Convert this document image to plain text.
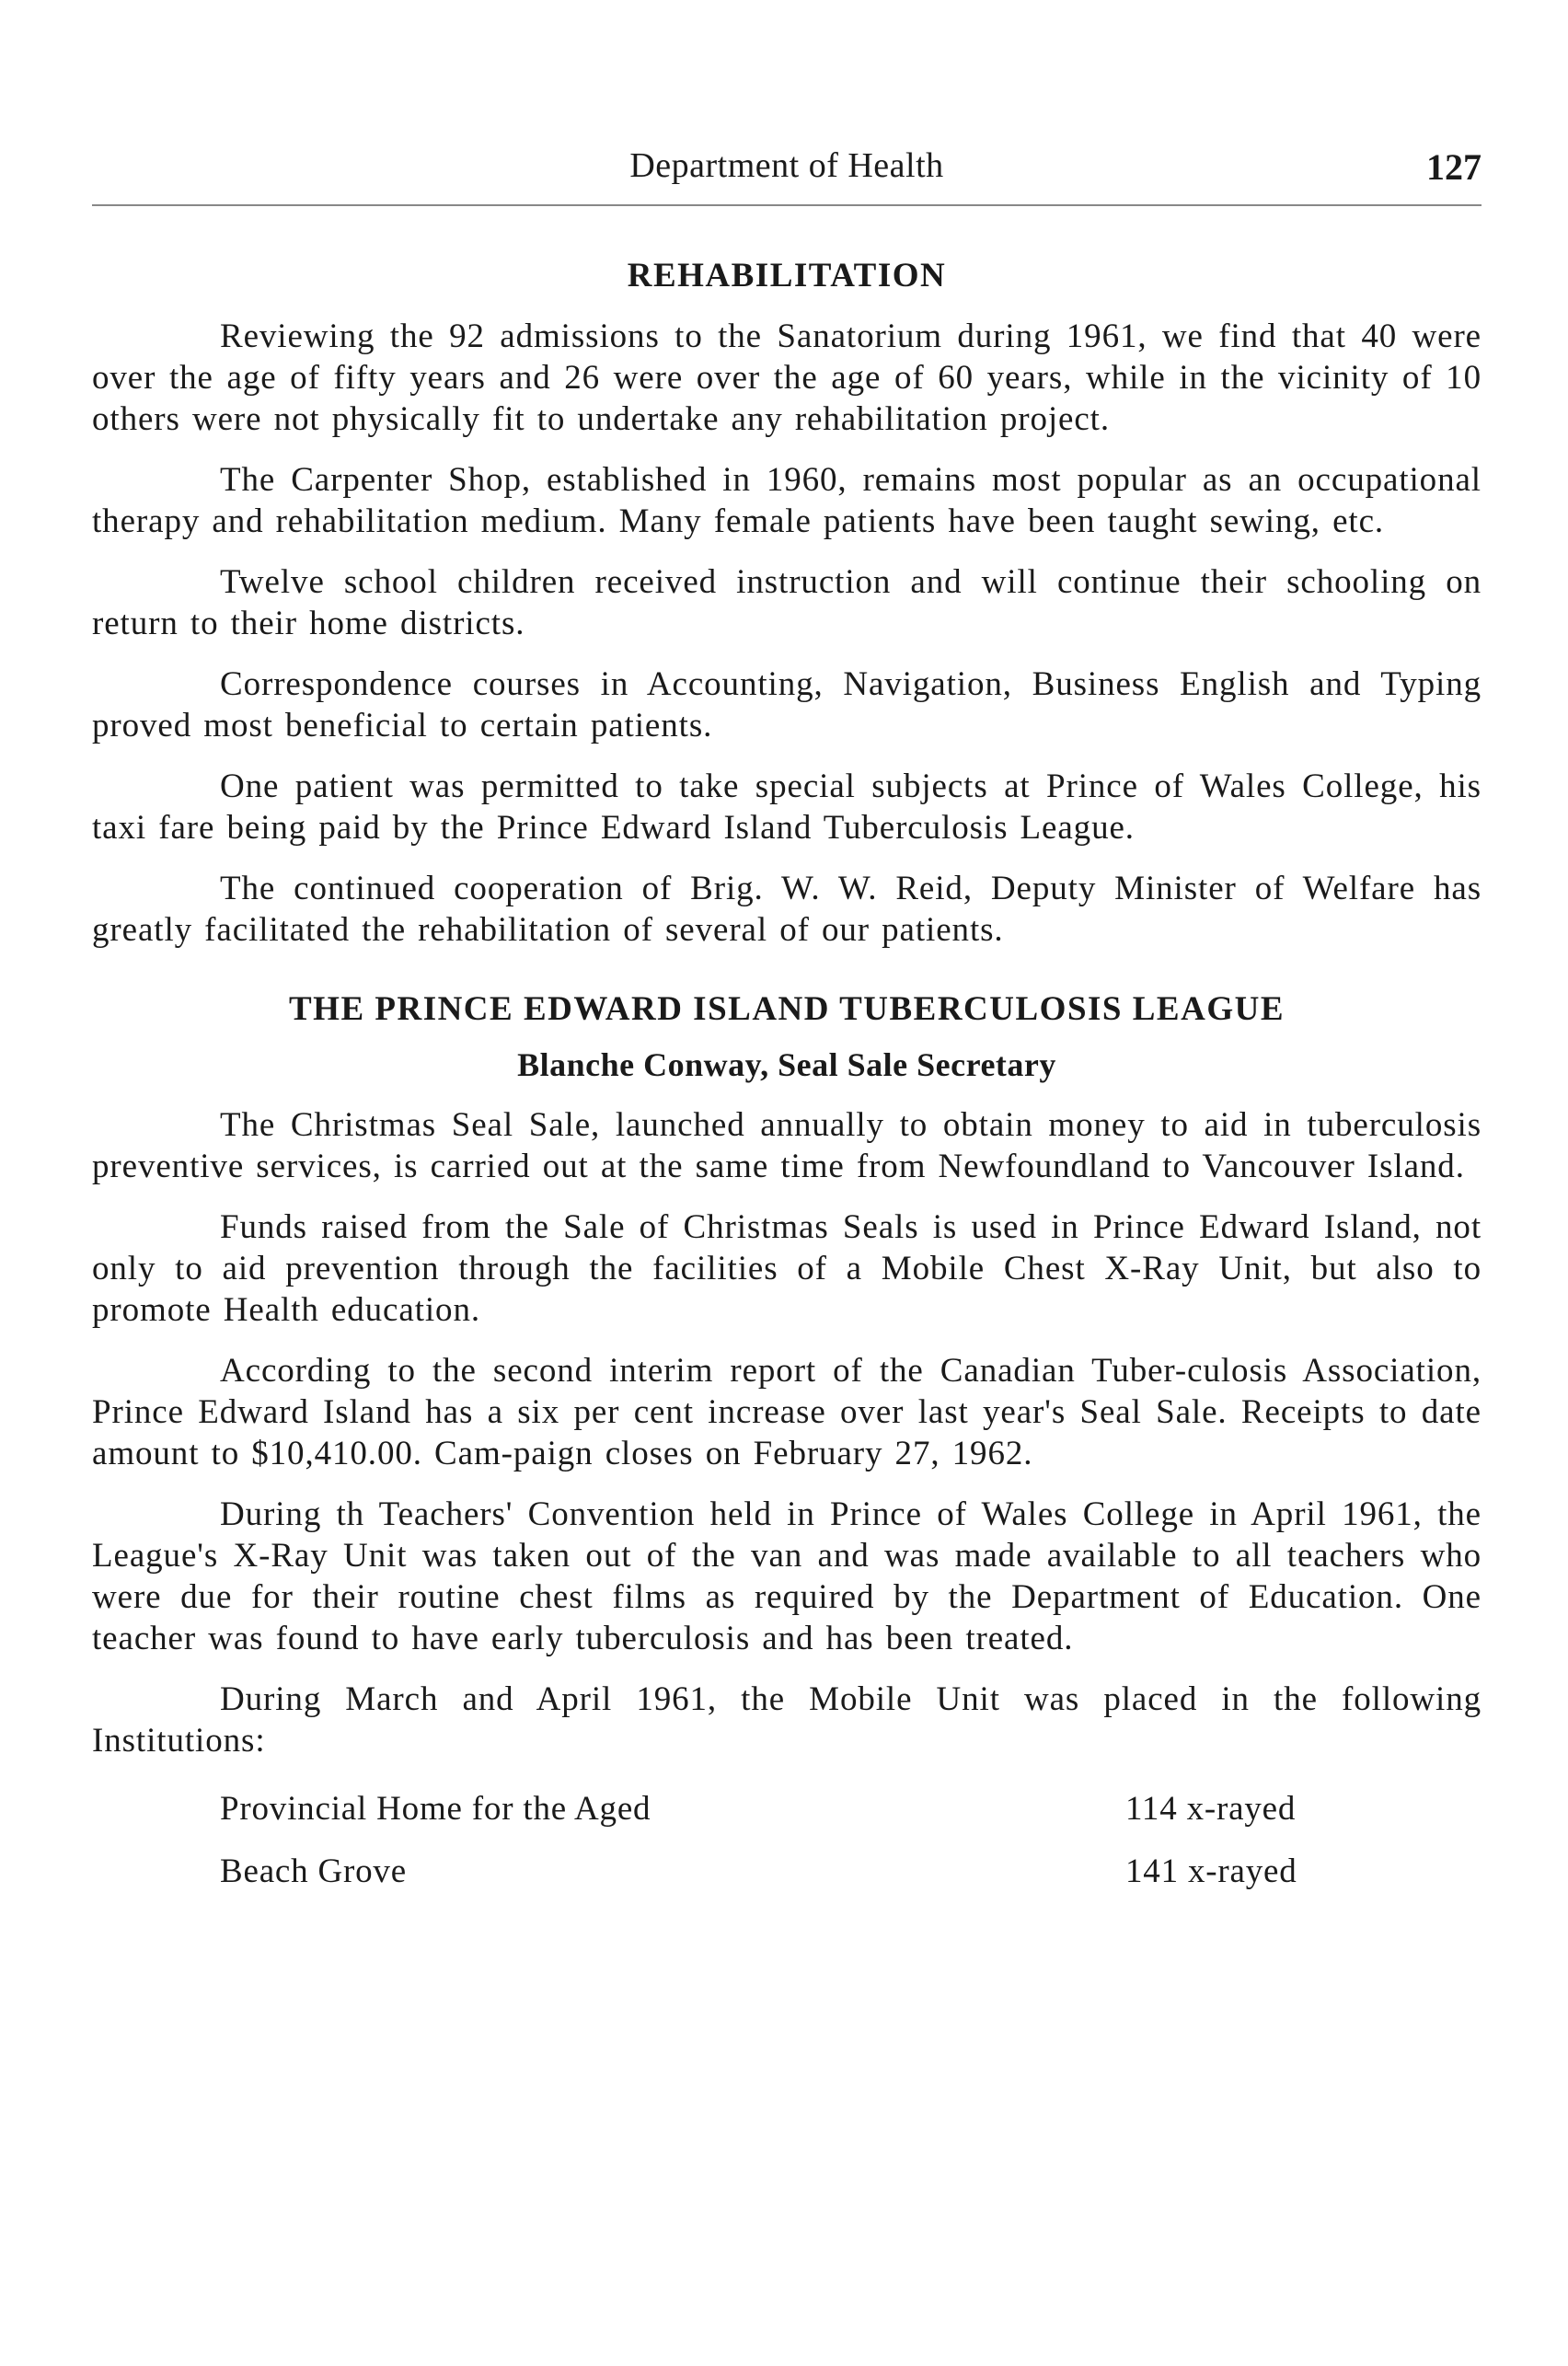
Department of Health	127
REHABILITATION

Reviewing the 92 admissions to the Sanatorium during 1961, we find that 40 were over the age of fifty years and 26 were over the age of 60 years, while in the vicinity of 10 others were not physically fit to undertake any rehabilitation project.

The Carpenter Shop, established in 1960, remains most popular as an occupational therapy and rehabilitation medium. Many female patients have been taught sewing, etc.

Twelve school children received instruction and will continue their schooling on return to their home districts.

Correspondence courses in Accounting, Navigation, Business English and Typing proved most beneficial to certain patients.

One patient was permitted to take special subjects at Prince of Wales College, his taxi fare being paid by the Prince Edward Island Tuberculosis League.

The continued cooperation of Brig. W. W. Reid, Deputy Minister of Welfare has greatly facilitated the rehabilitation of several of our patients.

THE PRINCE EDWARD ISLAND TUBERCULOSIS LEAGUE
Blanche Conway, Seal Sale Secretary

The Christmas Seal Sale, launched annually to obtain money to aid in tuberculosis preventive services, is carried out at the same time from Newfoundland to Vancouver Island.

Funds raised from the Sale of Christmas Seals is used in Prince Edward Island, not only to aid prevention through the facilities of a Mobile Chest X-Ray Unit, but also to promote Health education.

According to the second interim report of the Canadian Tuber-culosis Association, Prince Edward Island has a six per cent increase over last year's Seal Sale. Receipts to date amount to $10,410.00. Cam-paign closes on February 27, 1962.

During th Teachers' Convention held in Prince of Wales College in April 1961, the League's X-Ray Unit was taken out of the van and was made available to all teachers who were due for their routine chest films as required by the Department of Education. One teacher was found to have early tuberculosis and has been treated.

During March and April 1961, the Mobile Unit was placed in the following Institutions:

Provincial Home for the Aged	114 x-rayed
Beach Grove	141 x-rayed
